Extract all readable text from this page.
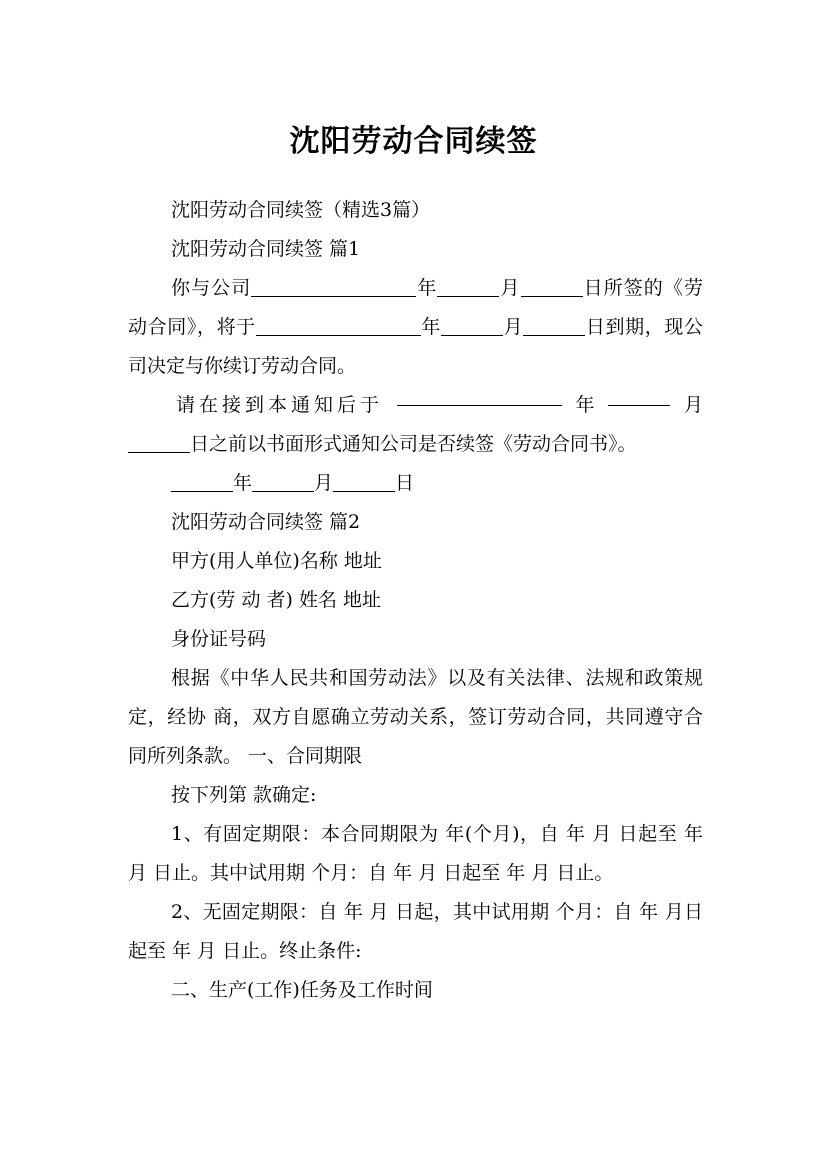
沈阳劳动合同续签

沈阳劳动合同续签（精选3篇）

沈阳劳动合同续签 篇1

你与公司	年	月	日所签的《劳动合同》，将于	年	月	日到期，现公司决定与你续订劳动合同。

请在接到本通知后于	年	月
日之前以书面形式通知公司是否续签《劳动合同书》。

年	月	日

沈阳劳动合同续签 篇2

甲方(用人单位)名称 地址

乙方(劳 动 者) 姓名 地址

身份证号码

根据《中华人民共和国劳动法》以及有关法律、法规和政策规定，经协 商，双方自愿确立劳动关系，签订劳动合同，共同遵守合同所列条款。 一、合同期限

按下列第 款确定:

1、有固定期限：本合同期限为 年(个月)，自 年 月 日起至 年 月 日止。其中试用期 个月：自 年 月 日起至 年 月 日止。

2、无固定期限：自 年 月 日起，其中试用期 个月：自 年 月日起至 年 月 日止。终止条件:

二、生产(工作)任务及工作时间
